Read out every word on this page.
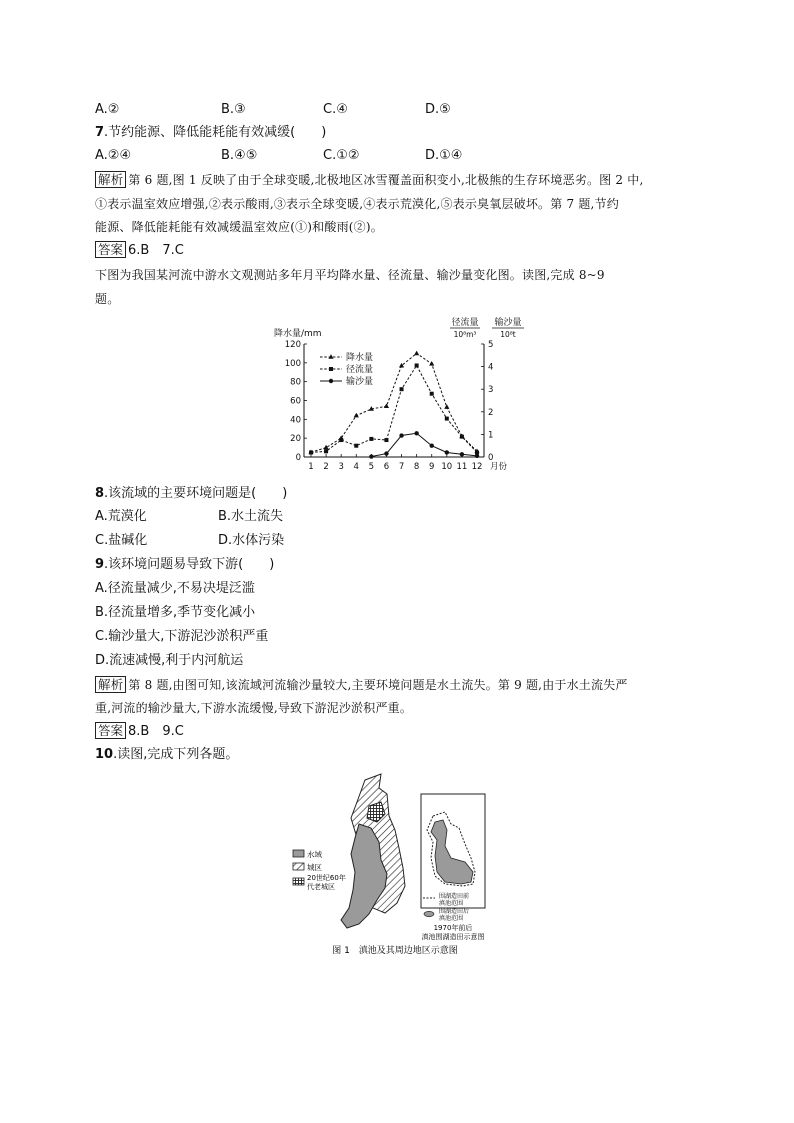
A.②	B.③	C.④	D.⑤
7.节约能源、降低能耗能有效减缓(　　)
A.②④	B.④⑤	C.①②	D.①④
解析 第 6 题,图 1 反映了由于全球变暖,北极地区冰雪覆盖面积变小,北极熊的生存环境恶劣。图 2 中,
①表示温室效应增强,②表示酸雨,③表示全球变暖,④表示荒漠化,⑤表示臭氧层破坏。第 7 题,节约
能源、降低能耗能有效减缓温室效应(①)和酸雨(②)。
答案 6.B　7.C
下图为我国某河流中游水文观测站多年月平均降水量、径流量、输沙量变化图。读图,完成 8~9
题。
0
20
40
60
80
100
120
0
1
2
3
4
5
1 2 3 4 5 6 7 8 9 10 11 12 月份
降水量/mm
径流量
10⁸m³
输沙量
10⁸t
降水量
径流量
输沙量
8.该流域的主要环境问题是(　　)
A.荒漠化	B.水土流失
C.盐碱化	D.水体污染
9.该环境问题易导致下游(　　)
A.径流量减少,不易决堤泛滥
B.径流量增多,季节变化减小
C.输沙量大,下游泥沙淤积严重
D.流速减慢,利于内河航运
解析 第 8 题,由图可知,该流域河流输沙量较大,主要环境问题是水土流失。第 9 题,由于水土流失严
重,河流的输沙量大,下游水流缓慢,导致下游泥沙淤积严重。
答案 8.B　9.C
10.读图,完成下列各题。
水域
城区
20世纪60年
代老城区
围湖造田前
滇池范围
围湖造田后
滇池范围
1970年前后
滇池围湖造田示意图
图 1　滇池及其周边地区示意图
